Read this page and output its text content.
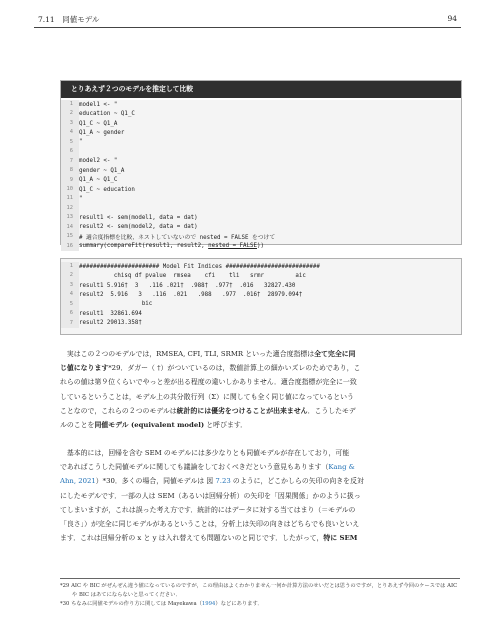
7.11　同値モデル	94
とりあえず２つのモデルを推定して比較
1	model1 <- "
2	education ~ Q1_C
3	Q1_C ~ Q1_A
4	Q1_A ~ gender
5	"
6
7	model2 <- "
8	gender ~ Q1_A
9	Q1_A ~ Q1_C
10	Q1_C ~ education
11	"
12
13	result1 <- sem(model1, data = dat)
14	result2 <- sem(model2, data = dat)
15	# 適合度指標を比較，ネストしていないので nested = FALSE をつけて
16	summary(compareFit(result1, result2, nested = FALSE))
1	####################### Model Fit Indices ###########################
2	chisq df pvalue  rmsea    cfi    tli   srmr         aic
3	result1 5.916†  3   .116 .021†  .988†  .977†  .016   32827.430
4	result2  5.916   3   .116  .021   .988   .977  .016†  28979.094†
5	bic
6	result1  32861.694
7	result2 29013.358†
　実はこの２つのモデルでは，RMSEA, CFI, TLI, SRMR といった適合度指標は全て完全に同
じ値になります*29．ダガー（ †）がついているのは，数値計算上の細かいズレのためであり，こ
れらの値は第９位くらいでやっと差が出る程度の違いしかありません．適合度指標が完全に一致
しているということは，モデル上の共分散行列（Σ）に関しても全く同じ値になっているという
ことなので，これらの２つのモデルは統計的には優劣をつけることが出来ません．こうしたモデ
ルのことを同値モデル (equivalent model) と呼びます．
　基本的には，回帰を含む SEM のモデルには多少なりとも同値モデルが存在しており，可能
であればこうした同値モデルに関しても議論をしておくべきだという意見もあります（Kang &
Ahn, 2021）*30．多くの場合，同値モデルは 図 7.23 のように，どこかしらの矢印の向きを反対
にしたモデルです．一部の人は SEM（あるいは回帰分析）の矢印を「因果関係」かのように扱っ
てしまいますが，これは誤った考え方です．統計的にはデータに対する当てはまり（＝モデルの
「良さ」）が完全に同じモデルがあるということは，分析上は矢印の向きはどちらでも良いといえ
ます．これは回帰分析の x と y は入れ替えても問題ないのと同じです．したがって，特に SEM
*29 AIC や BIC がぜんぜん違う値になっているのですが，この理由はよくわかりません一何か計算方法のせいだとは思うのですが，とりあえず今回のケースでは AIC や BIC はあてにならないと思ってください．
*30 ちなみに同値モデルの作り方に関しては Mayekawa（1994）などにあります．
